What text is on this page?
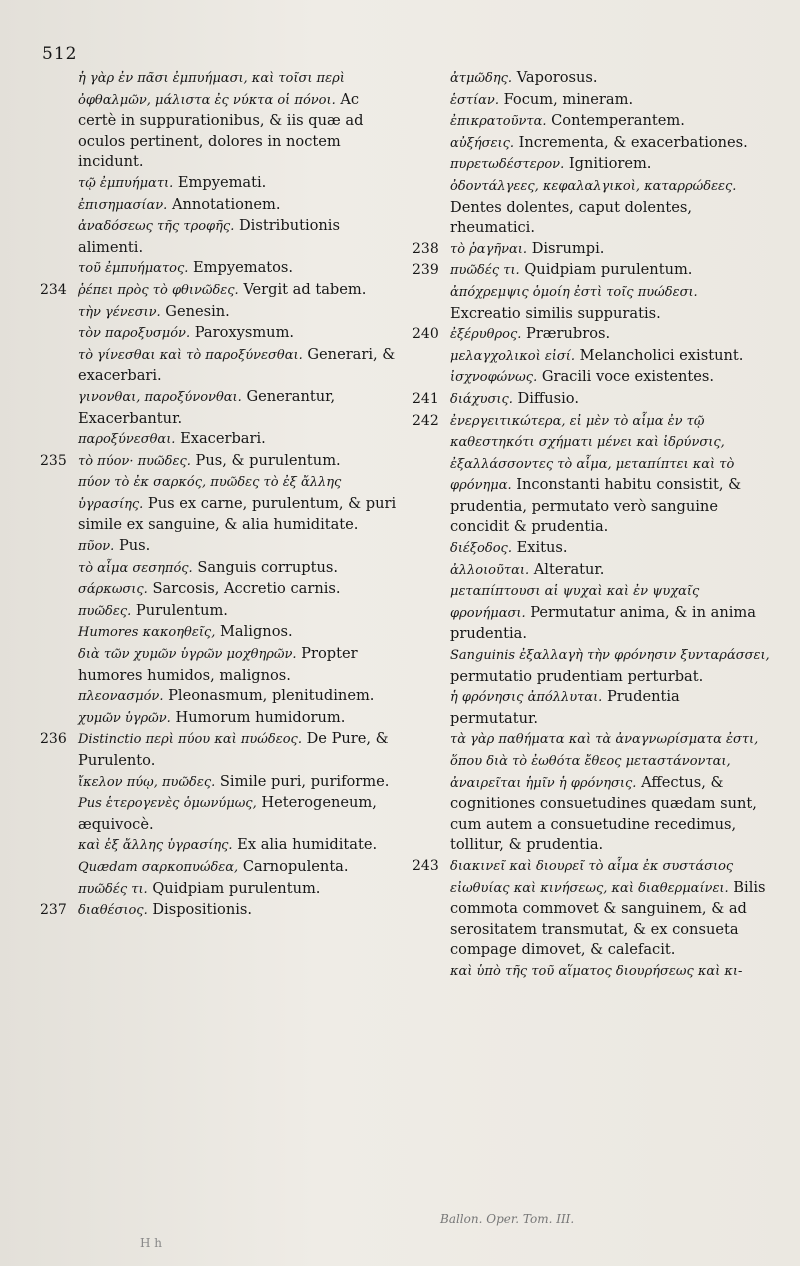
512

ἡ γὰρ ἐν πᾶσι ἐμπυήμασι, καὶ τοῖσι περὶ ὀφθαλμῶν, μάλιστα ἐς νύκτα οἱ πόνοι. Ac certè in suppurationibus, & iis quæ ad oculos pertinent, dolores in noctem incidunt.

τῷ ἐμπυήματι. Empyemati.

ἐπισημασίαν. Annotationem.

ἀναδόσεως τῆς τροφῆς. Distributionis alimenti.

τοῦ ἐμπυήματος. Empyematos.

234 ῥέπει πρὸς τὸ φθινῶδες. Vergit ad tabem.

τὴν γένεσιν. Genesin.

τὸν παροξυσμόν. Paroxysmum.

τὸ γίνεσθαι καὶ τὸ παροξύνεσθαι. Generari, & exacerbari.

γινονθαι, παροξύνονθαι. Generantur, Exacerbantur.

παροξύνεσθαι. Exacerbari.

235 τὸ πύον· πυῶδες. Pus, & purulentum.

πύον τὸ ἐκ σαρκός, πυῶδες τὸ ἐξ ἄλλης ὑγρασίης. Pus ex carne, purulentum, & puri simile ex sanguine, & alia humiditate.

πῦον. Pus.

τὸ αἷμα σεσηπός. Sanguis corruptus.

σάρκωσις. Sarcosis, Accretio carnis.

πυῶδες. Purulentum.

Humores κακοηθεῖς, Malignos.

διὰ τῶν χυμῶν ὑγρῶν μοχθηρῶν. Propter humores humidos, malignos.

πλεονασμόν. Pleonasmum, plenitudinem.

χυμῶν ὑγρῶν. Humorum humidorum.

236 Distinctio περὶ πύου καὶ πυώδεος. De Pure, & Purulento.

ἴκελον πύῳ, πυῶδες. Simile puri, puriforme.

Pus ἑτερογενὲς ὁμωνύμως, Heterogeneum, æquivocè.

καὶ ἐξ ἄλλης ὑγρασίης. Ex alia humiditate.

Quædam σαρκοπυώδεα, Carnopulenta.

πυῶδές τι. Quidpiam purulentum.

237 διαθέσιος. Dispositionis.

ἀτμῶδης. Vaporosus.

ἑστίαν. Focum, mineram.

ἐπικρατοῦντα. Contemperantem.

αὐξήσεις. Incrementa, & exacerbationes.

πυρετωδέστερον. Ignitiorem.

ὀδοντάλγεες, κεφαλαλγικοὶ, καταρρώδεες. Dentes dolentes, caput dolentes, rheumatici.

238 τὸ ῥαγῆναι. Disrumpi.

239 πυῶδές τι. Quidpiam purulentum.

ἀπόχρεμψις ὁμοίη ἐστὶ τοῖς πυώδεσι. Excreatio similis suppuratis.

240 ἐξέρυθρος. Prærubros.

μελαγχολικοὶ εἰσί. Melancholici existunt.

ἰσχνοφώνως. Gracili voce existentes.

241 διάχυσις. Diffusio.

242 ἐνεργειτικώτερα, εἰ μὲν τὸ αἷμα ἐν τῷ καθεστηκότι σχήματι μένει καὶ ἰδρύνσις, ἐξαλλάσσοντες τὸ αἷμα, μεταπίπτει καὶ τὸ φρόνημα. Inconstanti habitu consistit, & prudentia, permutato verò sanguine concidit & prudentia.

διέξοδος. Exitus.

ἀλλοιοῦται. Alteratur.

μεταπίπτουσι αἱ ψυχαὶ καὶ ἐν ψυχαῖς φρονήμασι. Permutatur anima, & in anima prudentia.

Sanguinis ἐξαλλαγὴ τὴν φρόνησιν ξυνταράσσει, permutatio prudentiam perturbat.

ἡ φρόνησις ἀπόλλυται. Prudentia permutatur.

τὰ γὰρ παθήματα καὶ τὰ ἀναγνωρίσματα ἐστι, ὅπου διὰ τὸ ἐωθότα ἔθεος μεταστάνονται, ἀναιρεῖται ἡμῖν ἡ φρόνησις. Affectus, & cognitiones consuetudines quædam sunt, cum autem a consuetudine recedimus, tollitur, & prudentia.

243 διακινεῖ καὶ διουρεῖ τὸ αἷμα ἐκ συστάσιος εἰωθυίας καὶ κινήσεως, καὶ διαθερμαίνει. Bilis commota commovet & sanguinem, & ad serositatem transmutat, & ex consueta compage dimovet, & calefacit.

καὶ ὑπὸ τῆς τοῦ αἵματος διουρήσεως καὶ κι-

Ballon. Oper. Tom. III.
H h
